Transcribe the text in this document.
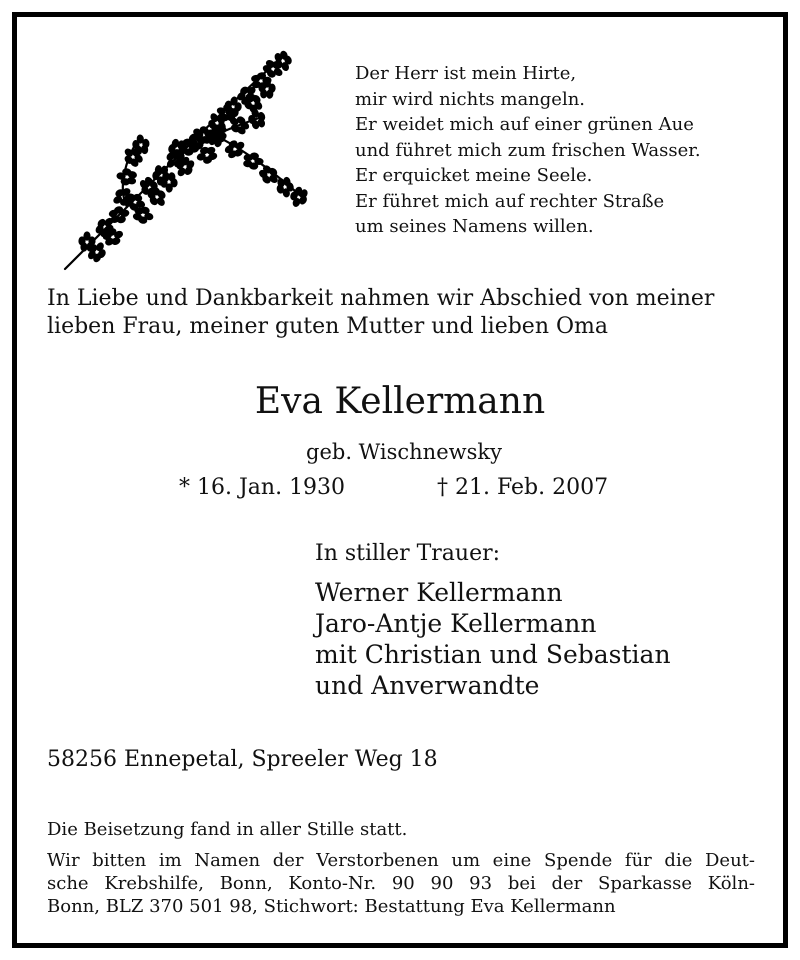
Der Herr ist mein Hirte,
mir wird nichts mangeln.
Er weidet mich auf einer grünen Aue
und führet mich zum frischen Wasser.
Er erquicket meine Seele.
Er führet mich auf rechter Straße
um seines Namens willen.
In Liebe und Dankbarkeit nahmen wir Abschied von meiner
lieben Frau, meiner guten Mutter und lieben Oma
Eva Kellermann
geb. Wischnewsky
* 16. Jan. 1930	† 21. Feb. 2007
In stiller Trauer:
Werner Kellermann
Jaro-Antje Kellermann
mit Christian und Sebastian
und Anverwandte
58256 Ennepetal, Spreeler Weg 18
Die Beisetzung fand in aller Stille statt.
Wir bitten im Namen der Verstorbenen um eine Spende für die Deut-
sche Krebshilfe, Bonn, Konto-Nr. 90 90 93 bei der Sparkasse Köln-
Bonn, BLZ 370 501 98, Stichwort: Bestattung Eva Kellermann
